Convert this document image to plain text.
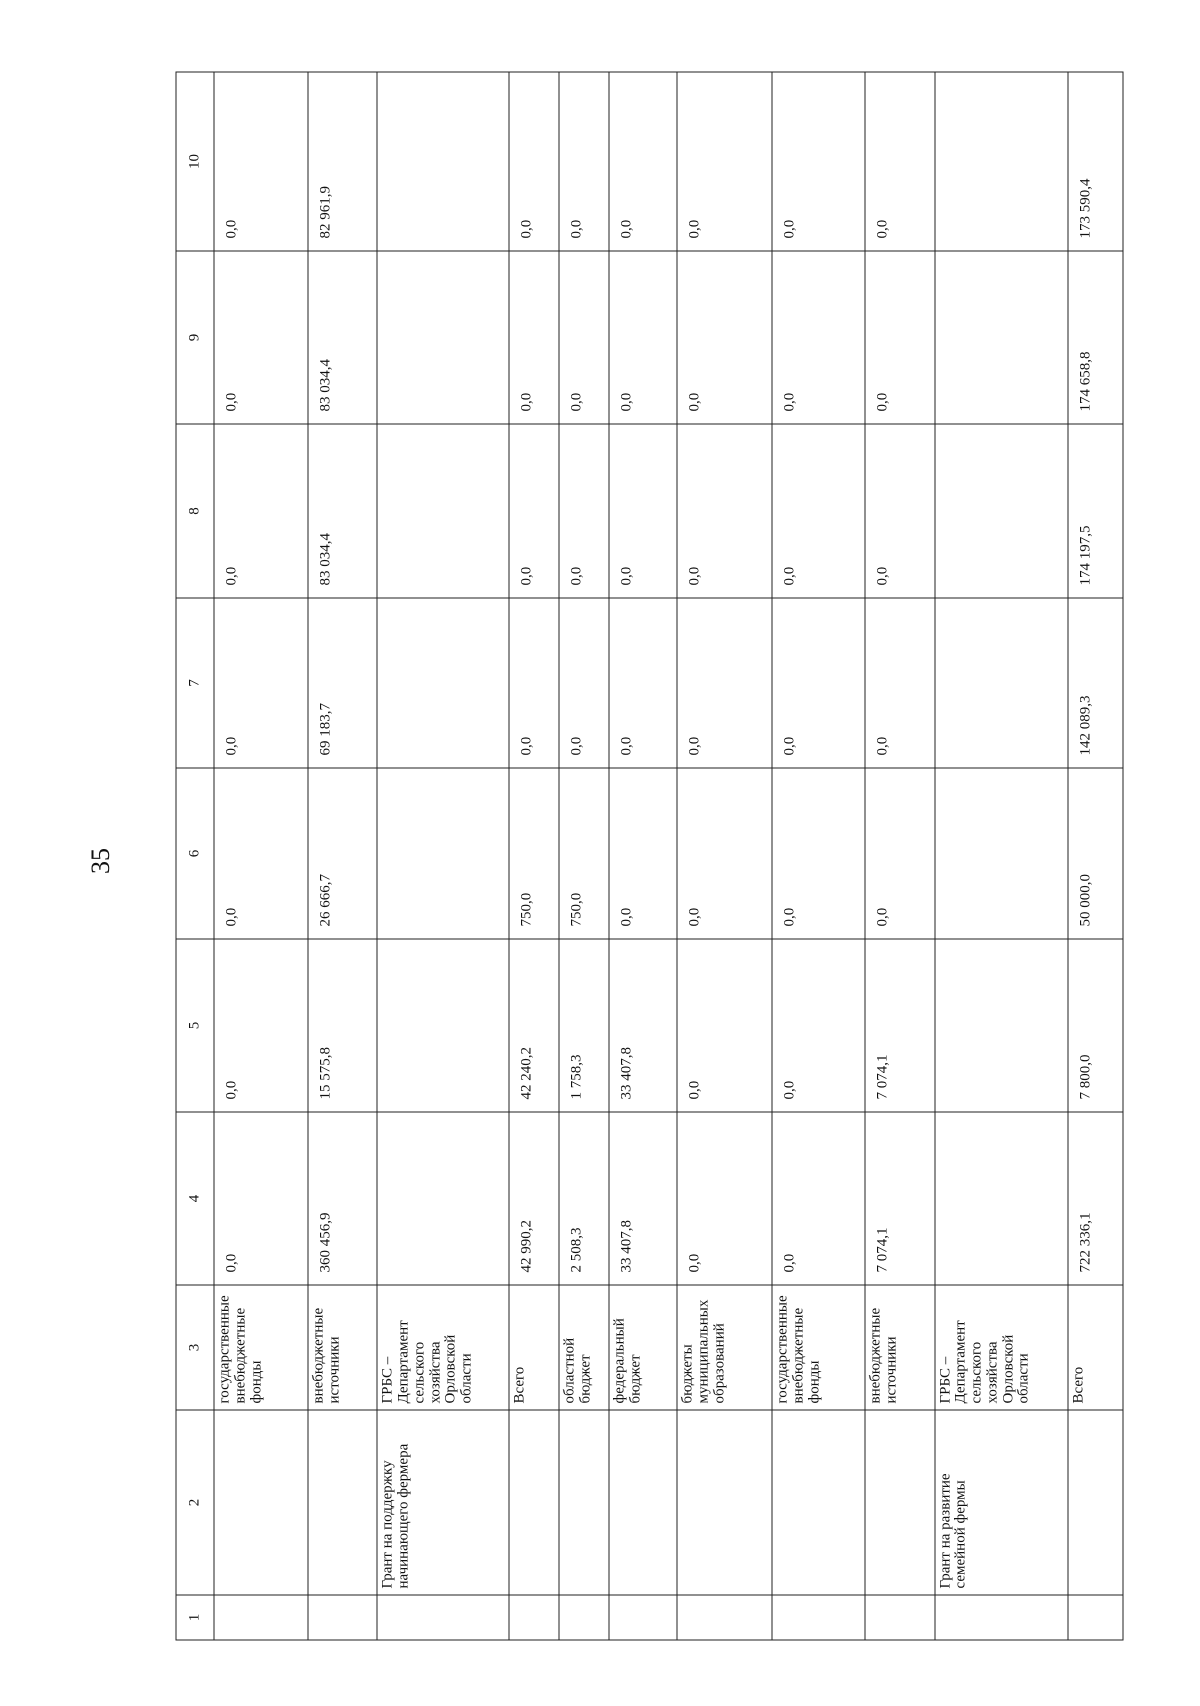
35
1	2	3	4	5	6	7	8	9	10
		государственные внебюджетные фонды	0,0	0,0	0,0	0,0	0,0	0,0	0,0
		внебюджетные источники	360 456,9	15 575,8	26 666,7	69 183,7	83 034,4	83 034,4	82 961,9
	Грант на поддержку начинающего фермера	ГРБС – Департамент сельского хозяйства Орловской области							
		Всего	42 990,2	42 240,2	750,0	0,0	0,0	0,0	0,0
		областной бюджет	2 508,3	1 758,3	750,0	0,0	0,0	0,0	0,0
		федеральный бюджет	33 407,8	33 407,8	0,0	0,0	0,0	0,0	0,0
		бюджеты муниципальных образований	0,0	0,0	0,0	0,0	0,0	0,0	0,0
		государственные внебюджетные фонды	0,0	0,0	0,0	0,0	0,0	0,0	0,0
		внебюджетные источники	7 074,1	7 074,1	0,0	0,0	0,0	0,0	0,0
	Грант на развитие семейной фермы	ГРБС – Департамент сельского хозяйства Орловской области							
		Всего	722 336,1	7 800,0	50 000,0	142 089,3	174 197,5	174 658,8	173 590,4
